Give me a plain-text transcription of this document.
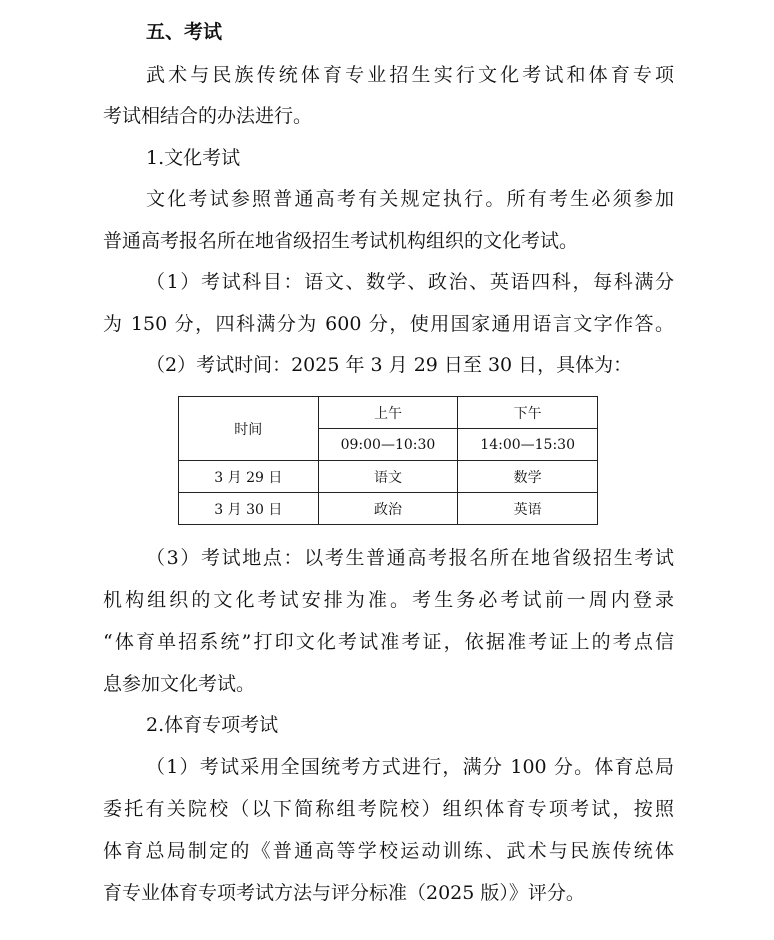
五、考试
武术与民族传统体育专业招生实行文化考试和体育专项
考试相结合的办法进行。
1.文化考试
文化考试参照普通高考有关规定执行。所有考生必须参加
普通高考报名所在地省级招生考试机构组织的文化考试。
（1）考试科目：语文、数学、政治、英语四科，每科满分
为 150 分，四科满分为 600 分，使用国家通用语言文字作答。
（2）考试时间：2025 年 3 月 29 日至 30 日，具体为：
时间	上午	下午
	09:00—10:30	14:00—15:30
3 月 29 日	语文	数学
3 月 30 日	政治	英语
（3）考试地点：以考生普通高考报名所在地省级招生考试
机构组织的文化考试安排为准。考生务必考试前一周内登录
“体育单招系统”打印文化考试准考证，依据准考证上的考点信
息参加文化考试。
2.体育专项考试
（1）考试采用全国统考方式进行，满分 100 分。体育总局
委托有关院校（以下简称组考院校）组织体育专项考试，按照
体育总局制定的《普通高等学校运动训练、武术与民族传统体
育专业体育专项考试方法与评分标准（2025 版）》评分。
